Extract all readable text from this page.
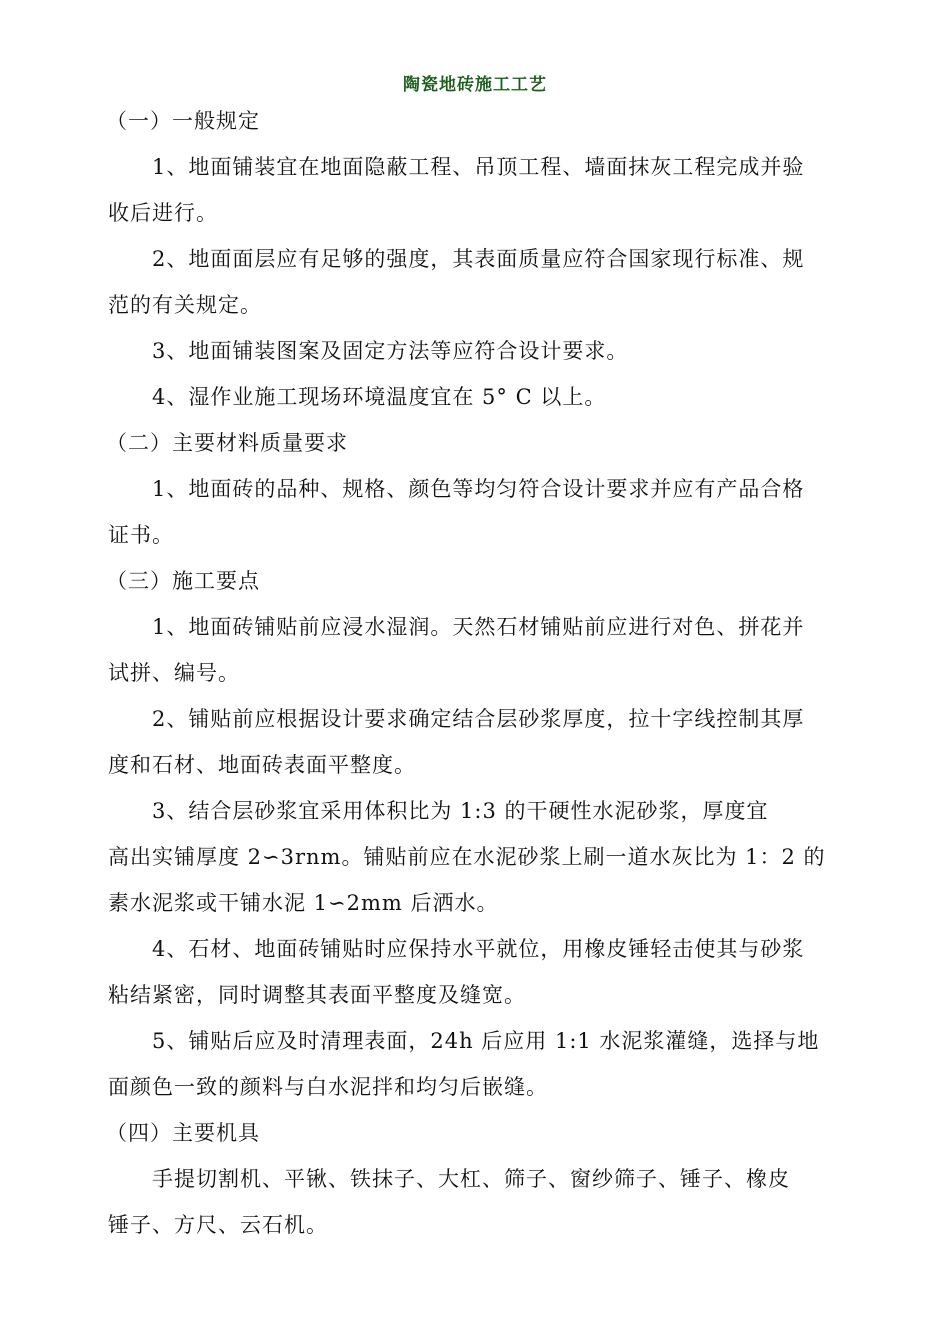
陶瓷地砖施工工艺
（一）一般规定
1、地面铺装宜在地面隐蔽工程、吊顶工程、墙面抹灰工程完成并验
收后进行。
2、地面面层应有足够的强度，其表面质量应符合国家现行标准、规
范的有关规定。
3、地面铺装图案及固定方法等应符合设计要求。
4、湿作业施工现场环境温度宜在 5° C 以上。
（二）主要材料质量要求
1、地面砖的品种、规格、颜色等均匀符合设计要求并应有产品合格
证书。
（三）施工要点
1、地面砖铺贴前应浸水湿润。天然石材铺贴前应进行对色、拼花并
试拼、编号。
2、铺贴前应根据设计要求确定结合层砂浆厚度，拉十字线控制其厚
度和石材、地面砖表面平整度。
3、结合层砂浆宜采用体积比为 1:3 的干硬性水泥砂浆，厚度宜
高出实铺厚度 2∽3rnm。铺贴前应在水泥砂浆上刷一道水灰比为 1：2 的
素水泥浆或干铺水泥 1∽2mm 后洒水。
4、石材、地面砖铺贴时应保持水平就位，用橡皮锤轻击使其与砂浆
粘结紧密，同时调整其表面平整度及缝宽。
5、铺贴后应及时清理表面，24h 后应用 1:1 水泥浆灌缝，选择与地
面颜色一致的颜料与白水泥拌和均匀后嵌缝。
（四）主要机具
手提切割机、平锹、铁抹子、大杠、筛子、窗纱筛子、锤子、橡皮
锤子、方尺、云石机。
